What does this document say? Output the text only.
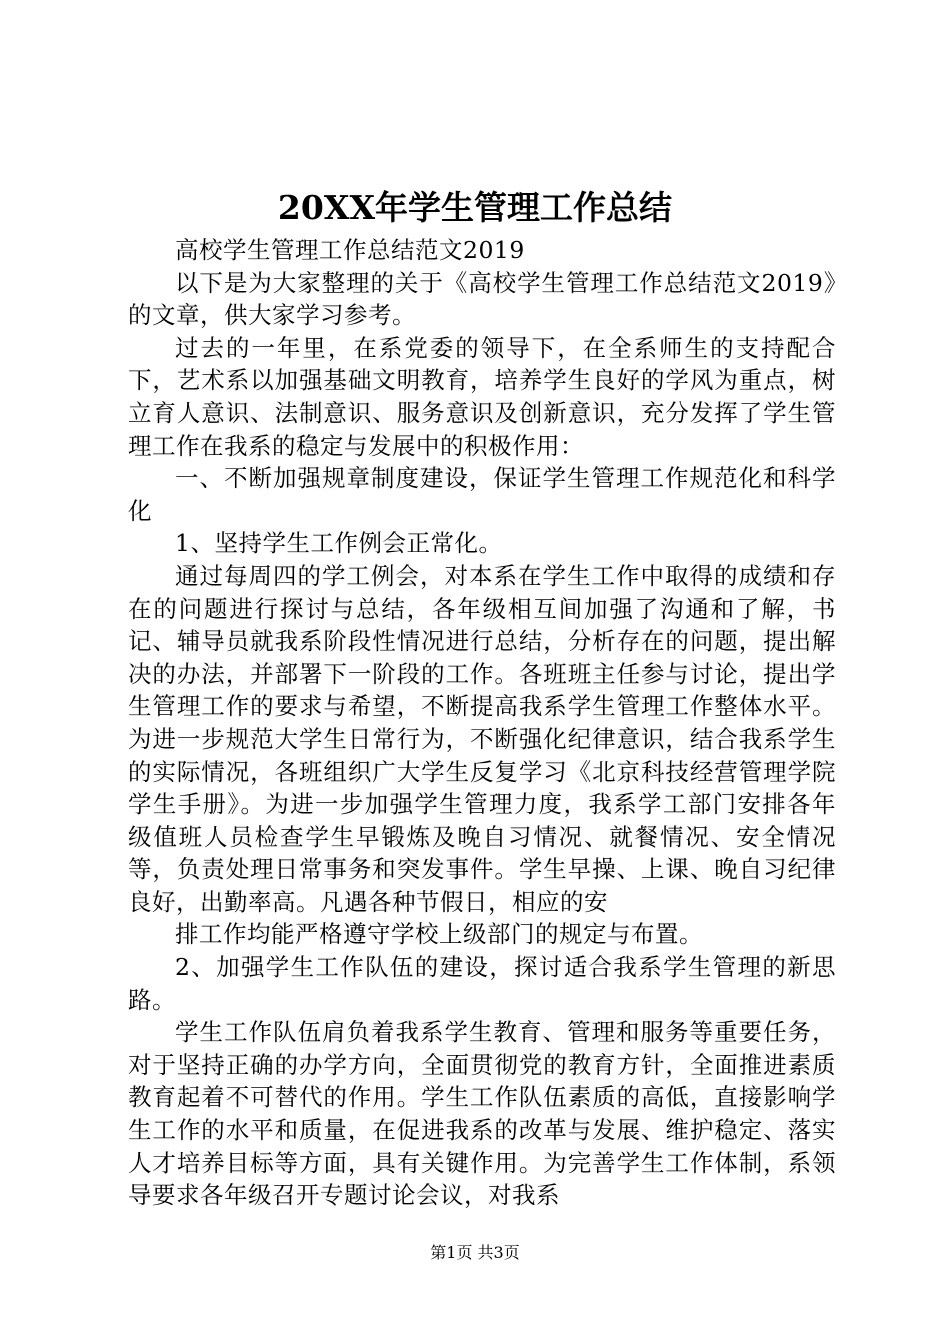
20XX年学生管理工作总结

高校学生管理工作总结范文2019

以下是为大家整理的关于《高校学生管理工作总结范文2019》的文章，供大家学习参考。

过去的一年里，在系党委的领导下，在全系师生的支持配合下，艺术系以加强基础文明教育，培养学生良好的学风为重点，树立育人意识、法制意识、服务意识及创新意识，充分发挥了学生管理工作在我系的稳定与发展中的积极作用：

一、不断加强规章制度建设，保证学生管理工作规范化和科学化

1、坚持学生工作例会正常化。

通过每周四的学工例会，对本系在学生工作中取得的成绩和存在的问题进行探讨与总结，各年级相互间加强了沟通和了解，书记、辅导员就我系阶段性情况进行总结，分析存在的问题，提出解决的办法，并部署下一阶段的工作。各班班主任参与讨论，提出学生管理工作的要求与希望，不断提高我系学生管理工作整体水平。为进一步规范大学生日常行为，不断强化纪律意识，结合我系学生的实际情况，各班组织广大学生反复学习《北京科技经营管理学院学生手册》。为进一步加强学生管理力度，我系学工部门安排各年级值班人员检查学生早锻炼及晚自习情况、就餐情况、安全情况等，负责处理日常事务和突发事件。学生早操、上课、晚自习纪律良好，出勤率高。凡遇各种节假日，相应的安

排工作均能严格遵守学校上级部门的规定与布置。

2、加强学生工作队伍的建设，探讨适合我系学生管理的新思路。

学生工作队伍肩负着我系学生教育、管理和服务等重要任务，对于坚持正确的办学方向，全面贯彻党的教育方针，全面推进素质教育起着不可替代的作用。学生工作队伍素质的高低，直接影响学生工作的水平和质量，在促进我系的改革与发展、维护稳定、落实人才培养目标等方面，具有关键作用。为完善学生工作体制，系领导要求各年级召开专题讨论会议，对我系

第1页 共3页
